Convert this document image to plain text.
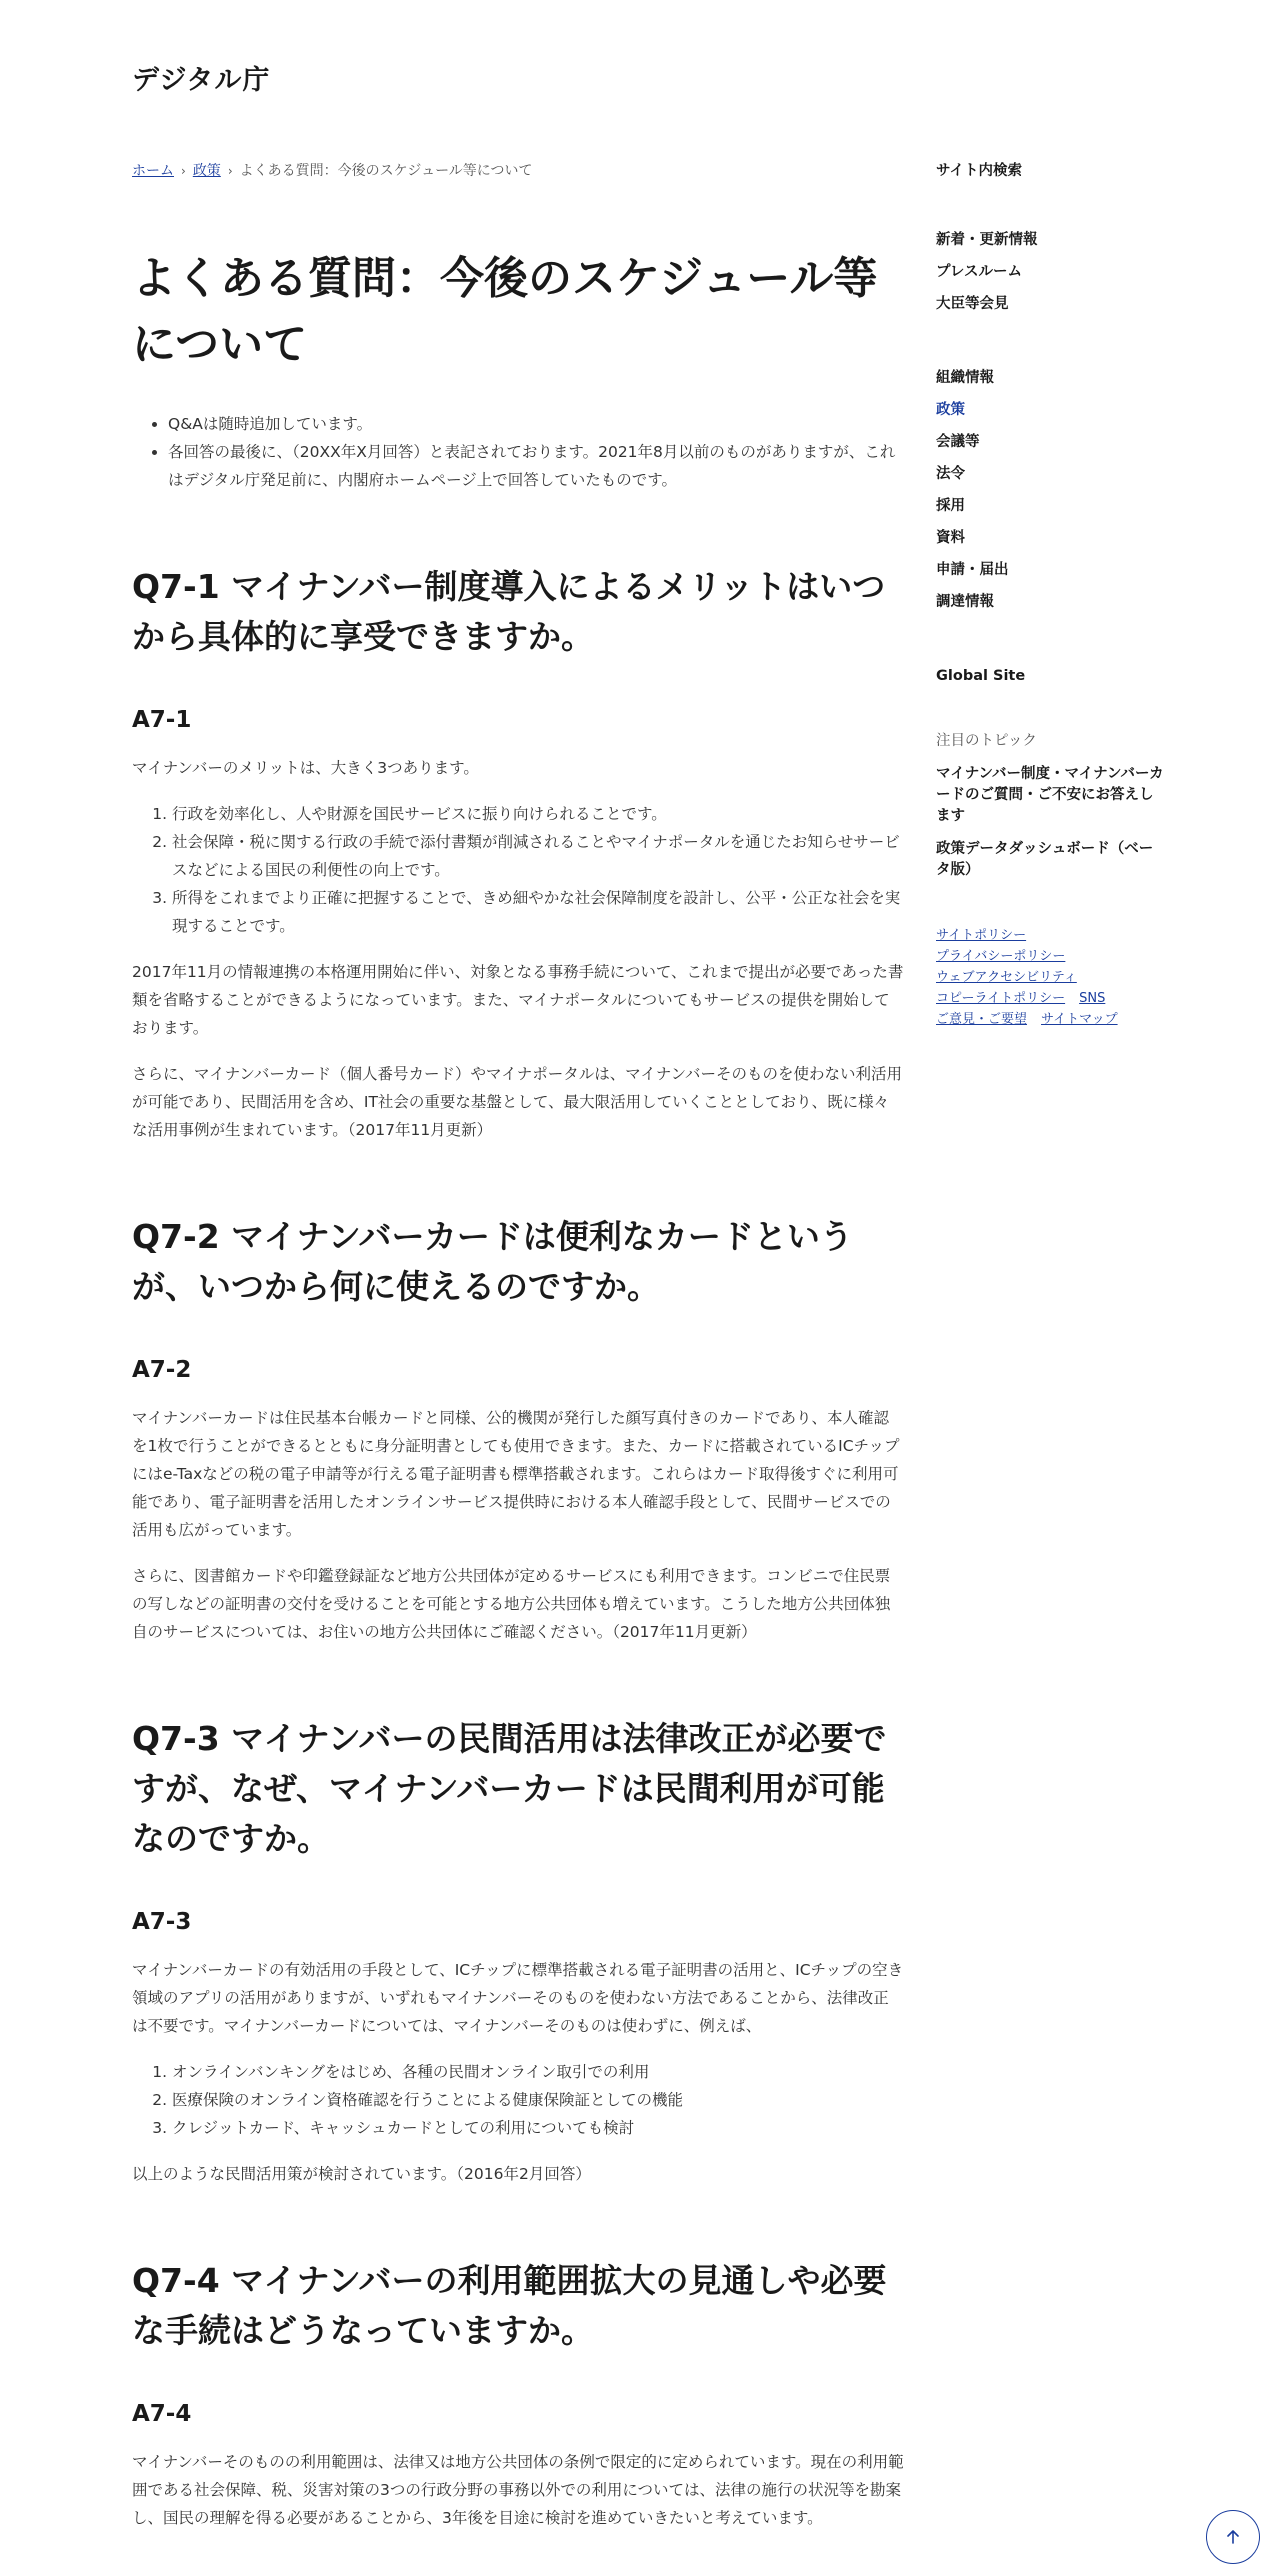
デジタル庁
ホーム › 政策 › よくある質問：今後のスケジュール等について
よくある質問：今後のスケジュール等について
• Q&Aは随時追加しています。
• 各回答の最後に、（20XX年X月回答）と表記されております。2021年8月以前のものがありますが、これはデジタル庁発足前に、内閣府ホームページ上で回答していたものです。
Q7-1 マイナンバー制度導入によるメリットはいつから具体的に享受できますか。
A7-1

マイナンバーのメリットは、大きく3つあります。

1. 行政を効率化し、人や財源を国民サービスに振り向けられることです。
2. 社会保障・税に関する行政の手続で添付書類が削減されることやマイナポータルを通じたお知らせサービスなどによる国民の利便性の向上です。
3. 所得をこれまでより正確に把握することで、きめ細やかな社会保障制度を設計し、公平・公正な社会を実現することです。

2017年11月の情報連携の本格運用開始に伴い、対象となる事務手続について、これまで提出が必要であった書類を省略することができるようになっています。また、マイナポータルについてもサービスの提供を開始しております。

さらに、マイナンバーカード（個人番号カード）やマイナポータルは、マイナンバーそのものを使わない利活用が可能であり、民間活用を含め、IT社会の重要な基盤として、最大限活用していくこととしており、既に様々な活用事例が生まれています。（2017年11月更新）

Q7-2 マイナンバーカードは便利なカードというが、いつから何に使えるのですか。
A7-2

マイナンバーカードは住民基本台帳カードと同様、公的機関が発行した顔写真付きのカードであり、本人確認を1枚で行うことができるとともに身分証明書としても使用できます。また、カードに搭載されているICチップにはe-Taxなどの税の電子申請等が行える電子証明書も標準搭載されます。これらはカード取得後すぐに利用可能であり、電子証明書を活用したオンラインサービス提供時における本人確認手段として、民間サービスでの活用も広がっています。

さらに、図書館カードや印鑑登録証など地方公共団体が定めるサービスにも利用できます。コンビニで住民票の写しなどの証明書の交付を受けることを可能とする地方公共団体も増えています。こうした地方公共団体独自のサービスについては、お住いの地方公共団体にご確認ください。（2017年11月更新）

Q7-3 マイナンバーの民間活用は法律改正が必要ですが、なぜ、マイナンバーカードは民間利用が可能なのですか。
A7-3

マイナンバーカードの有効活用の手段として、ICチップに標準搭載される電子証明書の活用と、ICチップの空き領域のアプリの活用がありますが、いずれもマイナンバーそのものを使わない方法であることから、法律改正は不要です。マイナンバーカードについては、マイナンバーそのものは使わずに、例えば、

1. オンラインバンキングをはじめ、各種の民間オンライン取引での利用
2. 医療保険のオンライン資格確認を行うことによる健康保険証としての機能
3. クレジットカード、キャッシュカードとしての利用についても検討

以上のような民間活用策が検討されています。（2016年2月回答）

Q7-4 マイナンバーの利用範囲拡大の見通しや必要な手続はどうなっていますか。
A7-4

マイナンバーそのものの利用範囲は、法律又は地方公共団体の条例で限定的に定められています。現在の利用範囲である社会保障、税、災害対策の3つの行政分野の事務以外での利用については、法律の施行の状況等を勘案し、国民の理解を得る必要があることから、3年後を目途に検討を進めていきたいと考えています。

サイト内検索
新着・更新情報
プレスルーム
大臣等会見
組織情報
政策
会議等
法令
採用
資料
申請・届出
調達情報
Global Site
注目のトピック
マイナンバー制度・マイナンバーカードのご質問・ご不安にお答えします
政策データダッシュボード（ベータ版）
サイトポリシー
プライバシーポリシー
ウェブアクセシビリティ
コピーライトポリシー SNS
ご意見・ご要望 サイトマップ
